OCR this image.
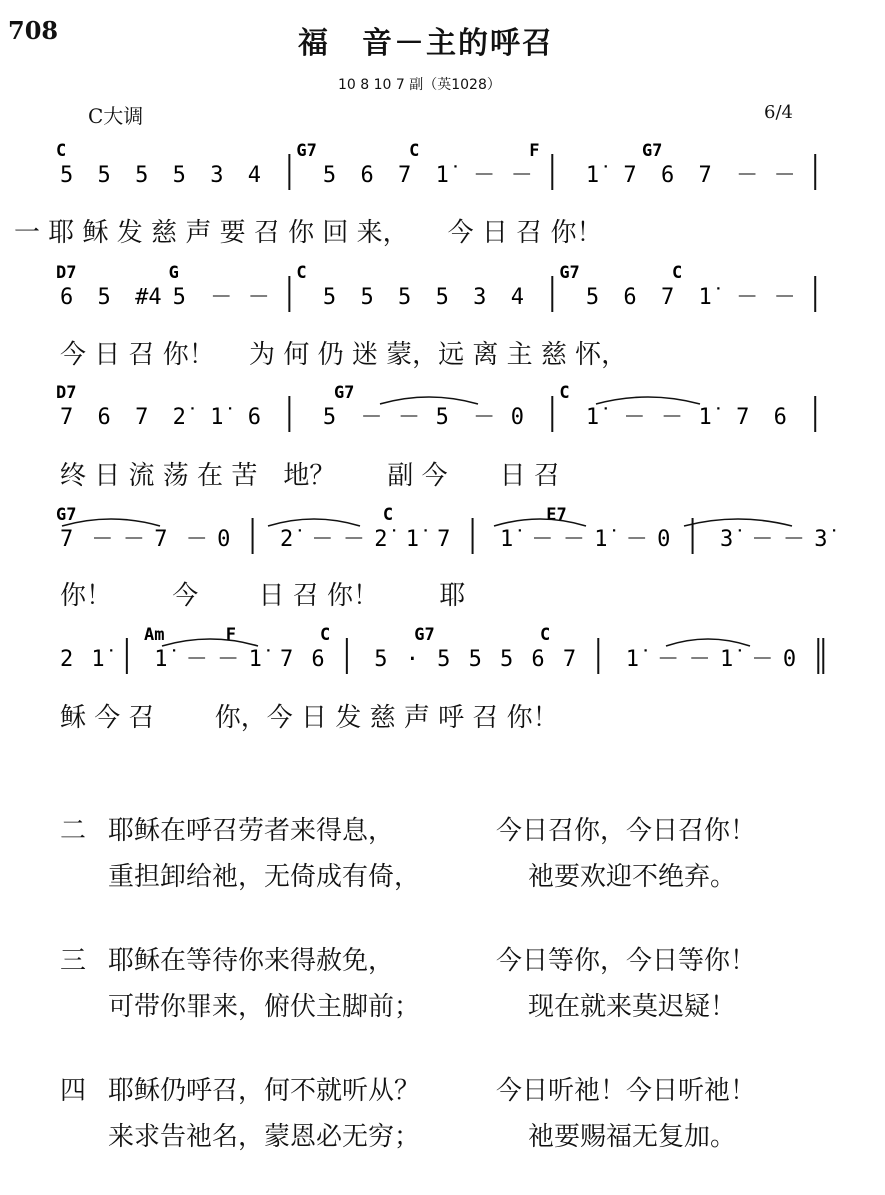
708	福　音－主的呼召
10 8 10 7 副（英1028）
C大调	6/4
C	G7	C	F	G7
5 5 5 5 3 4	5 6 7 1̇	－ － 1̇	7 6 7 － －
D7	G	C	G7	C
6 5 #4 5 － － 5 5 5 5 3 4	5 6 7 1̇	－ －
D7	G7	C
7 6 7 2̇	1̇	6	5 － － 5 － 0	1̇	－ － 1̇	7 6
G7	C	E7
7 － － 7 － 0 2̇ － － 2̇ 1̇ 7 1̇ － － 1̇ － 0 3̇ － － 3̇
Am	F	C	G7	C
2 1̇	1̇ － － 1̇ 7 6 5 · 5 5 5 6 7 1̇ － － 1̇ － 0
一 耶 稣 发 慈 声 要 召 你 回 来，　　今 日 召 你！
今 日 召 你！　 为 何 仍 迷 蒙，远 离 主 慈 怀，
终 日 流 荡 在 苦　地？　　副 今　　日 召
你！　　 今　　 日 召 你！　　 耶
稣 今 召　　 你，今 日 发 慈 声 呼 召 你！
二 耶稣在呼召劳者来得息，	今日召你，今日召你！
重担卸给祂，无倚成有倚，	祂要欢迎不绝弃。
三 耶稣在等待你来得赦免，	今日等你，今日等你！
可带你罪来，俯伏主脚前；	现在就来莫迟疑！
四 耶稣仍呼召，何不就听从？	今日听祂！今日听祂！
来求告祂名，蒙恩必无穷；	祂要赐福无复加。
